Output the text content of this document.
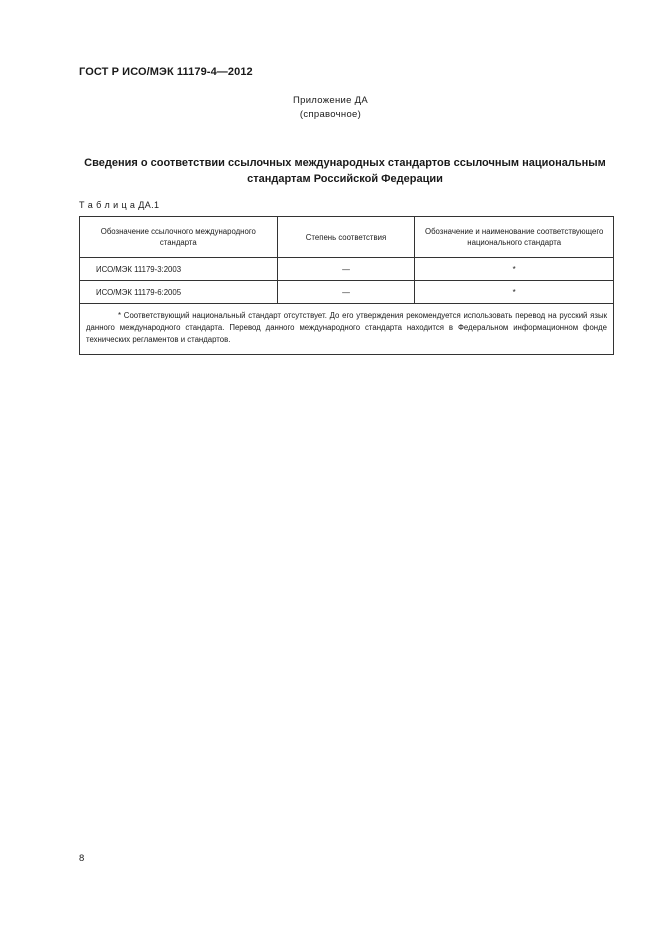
ГОСТ Р ИСО/МЭК 11179-4—2012
Приложение ДА
(справочное)
Сведения о соответствии ссылочных международных стандартов ссылочным национальным
стандартам Российской Федерации
Т а б л и ц а ДА.1
Обозначение ссылочного международного стандарта	Степень соответствия	Обозначение и наименование соответствующего национального стандарта
ИСО/МЭК 11179-3:2003	—	*
ИСО/МЭК 11179-6:2005	—	*

* Соответствующий национальный стандарт отсутствует. До его утверждения рекомендуется использовать перевод на русский язык данного международного стандарта. Перевод данного международного стандарта находится в Федеральном информационном фонде технических регламентов и стандартов.		
8
